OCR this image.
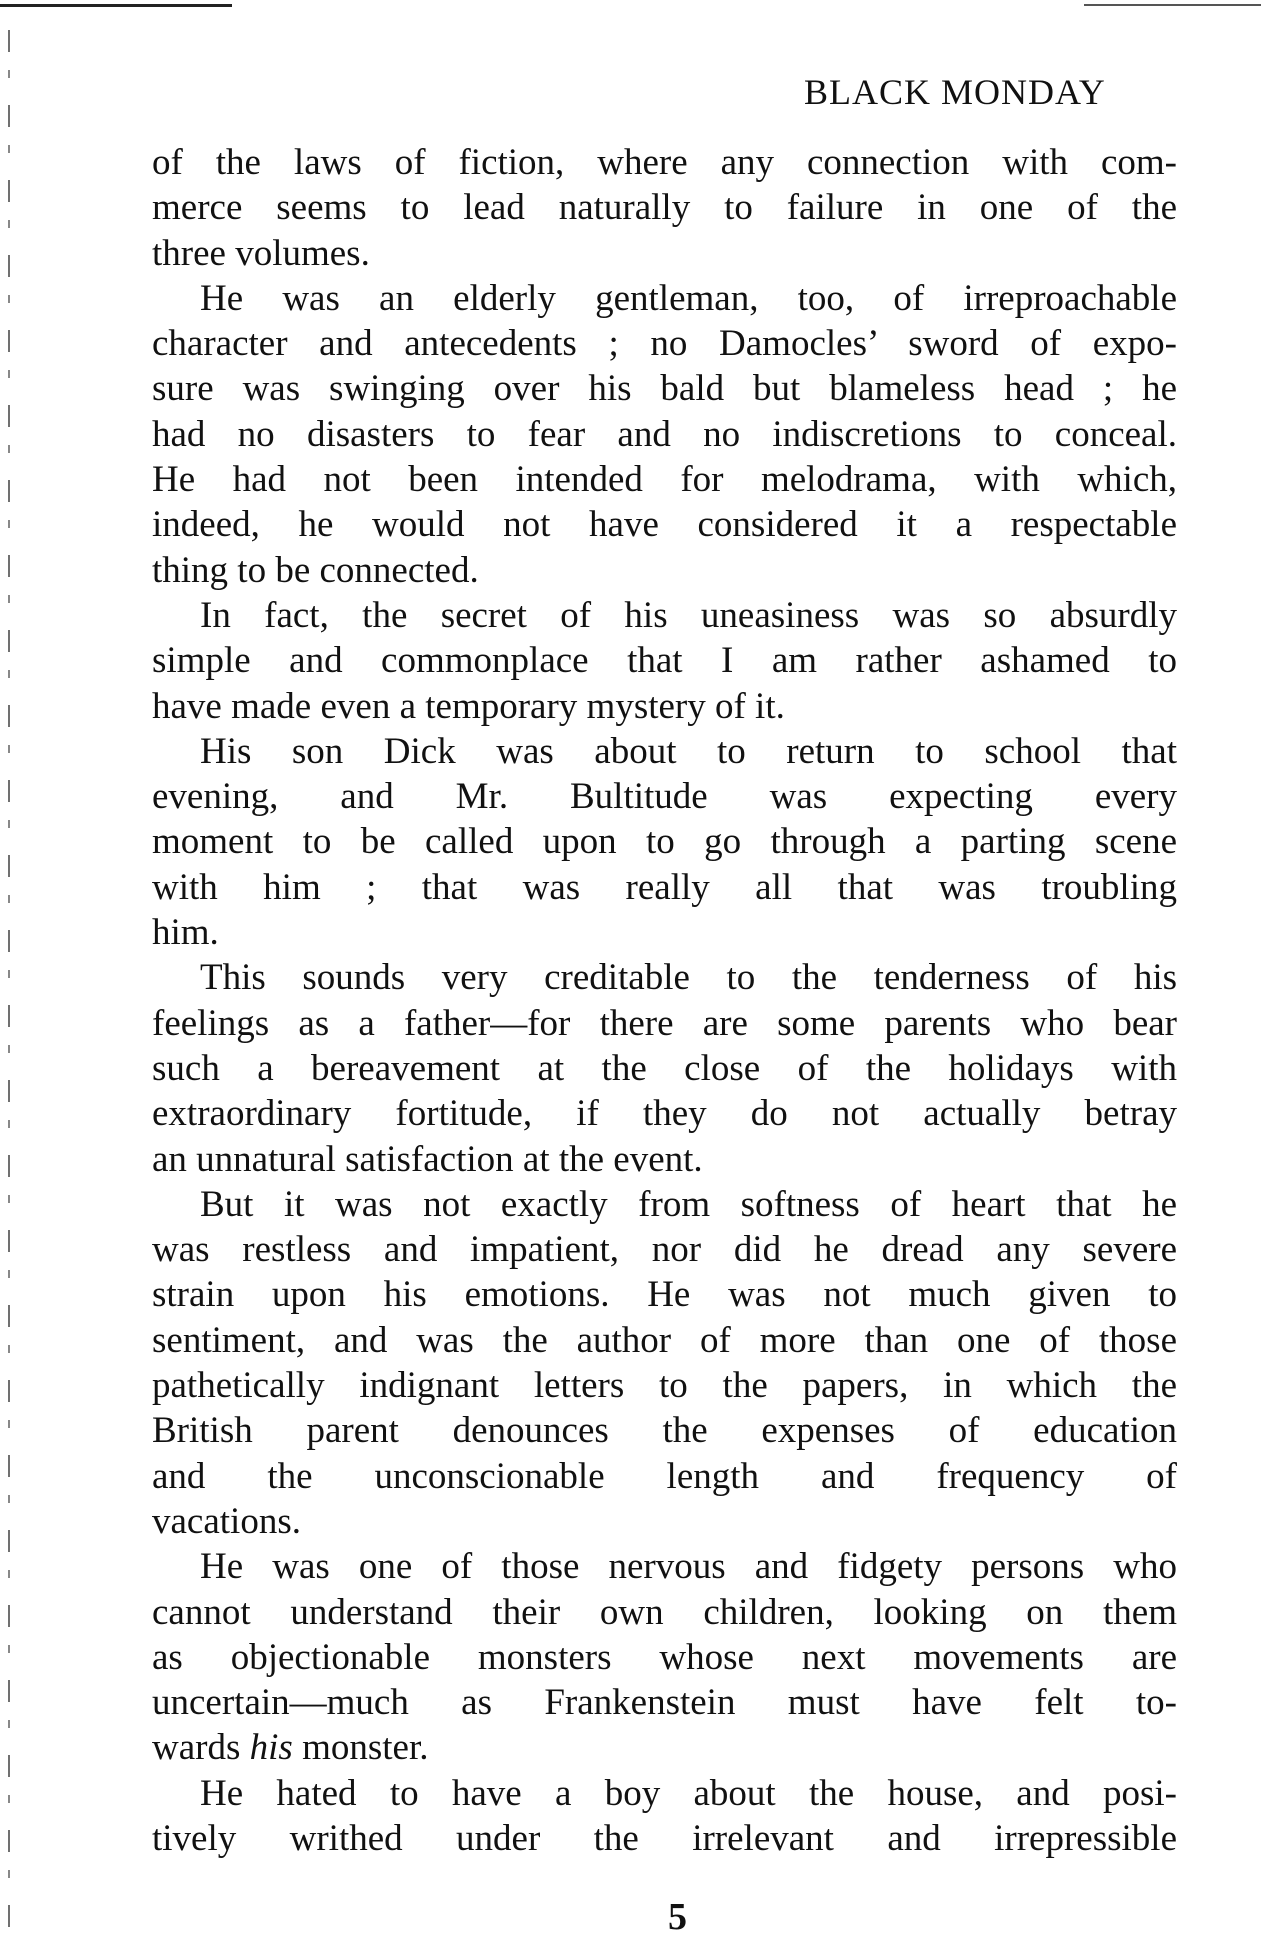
BLACK MONDAY
of the laws of fiction, where any connection with com-
merce seems to lead naturally to failure in one of the
three volumes.
He was an elderly gentleman, too, of irreproachable
character and antecedents ; no Damocles’ sword of expo-
sure was swinging over his bald but blameless head ; he
had no disasters to fear and no indiscretions to conceal.
He had not been intended for melodrama, with which,
indeed, he would not have considered it a respectable
thing to be connected.
In fact, the secret of his uneasiness was so absurdly
simple and commonplace that I am rather ashamed to
have made even a temporary mystery of it.
His son Dick was about to return to school that
evening, and Mr. Bultitude was expecting every
moment to be called upon to go through a parting scene
with him ; that was really all that was troubling
him.
This sounds very creditable to the tenderness of his
feelings as a father—for there are some parents who bear
such a bereavement at the close of the holidays with
extraordinary fortitude, if they do not actually betray
an unnatural satisfaction at the event.
But it was not exactly from softness of heart that he
was restless and impatient, nor did he dread any severe
strain upon his emotions. He was not much given to
sentiment, and was the author of more than one of those
pathetically indignant letters to the papers, in which the
British parent denounces the expenses of education
and the unconscionable length and frequency of
vacations.
He was one of those nervous and fidgety persons who
cannot understand their own children, looking on them
as objectionable monsters whose next movements are
uncertain—much as Frankenstein must have felt to-
wards his monster.
He hated to have a boy about the house, and posi-
tively writhed under the irrelevant and irrepressible
5
